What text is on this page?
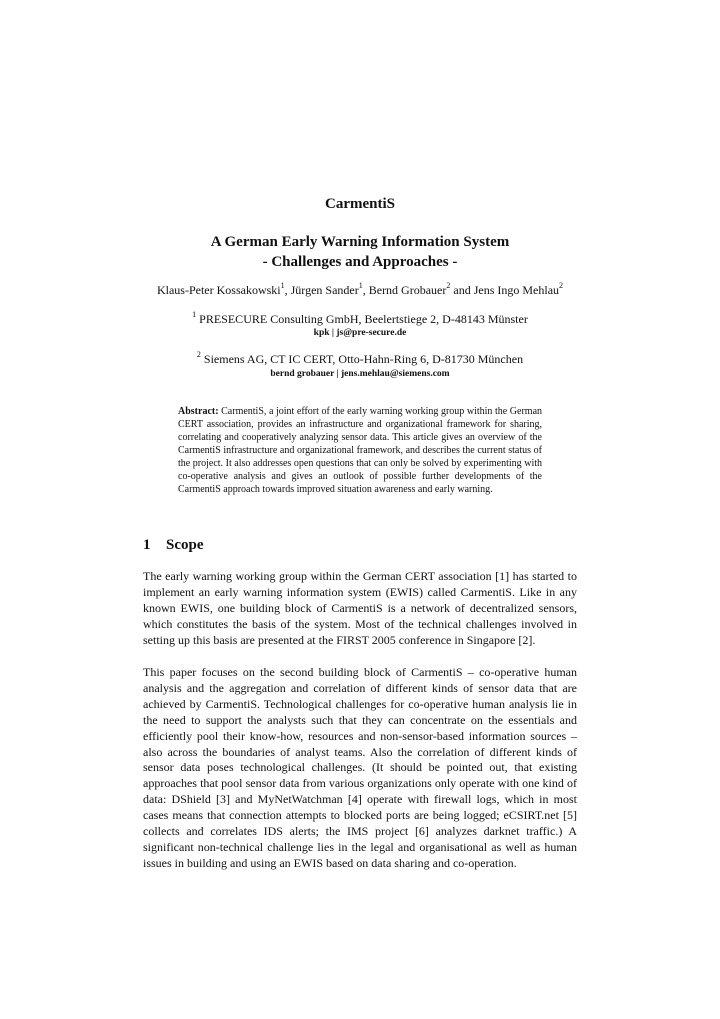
CarmentiS
A German Early Warning Information System
- Challenges and Approaches -
Klaus-Peter Kossakowski$^1$, Jürgen Sander$^1$, Bernd Grobauer$^2$ and Jens Ingo Mehlau$^2$
$^1$ PRESECURE Consulting GmbH, Beelertstiege 2, D-48143 Münster
kpk | js@pre-secure.de
$^2$ Siemens AG, CT IC CERT, Otto-Hahn-Ring 6, D-81730 München
bernd grobauer | jens.mehlau@siemens.com
Abstract: CarmentiS, a joint effort of the early warning working group within the German CERT association, provides an infrastructure and organizational framework for sharing, correlating and cooperatively analyzing sensor data. This article gives an overview of the CarmentiS infrastructure and organizational framework, and describes the current status of the project. It also addresses open questions that can only be solved by experimenting with co-operative analysis and gives an outlook of possible further developments of the CarmentiS approach towards improved situation awareness and early warning.
1 Scope
The early warning working group within the German CERT association [1] has started to implement an early warning information system (EWIS) called CarmentiS. Like in any known EWIS, one building block of CarmentiS is a network of decentralized sensors, which constitutes the basis of the system. Most of the technical challenges involved in setting up this basis are presented at the FIRST 2005 conference in Singapore [2].
This paper focuses on the second building block of CarmentiS – co-operative human analysis and the aggregation and correlation of different kinds of sensor data that are achieved by CarmentiS. Technological challenges for co-operative human analysis lie in the need to support the analysts such that they can concentrate on the essentials and efficiently pool their know-how, resources and non-sensor-based information sources – also across the boundaries of analyst teams. Also the correlation of different kinds of sensor data poses technological challenges. (It should be pointed out, that existing approaches that pool sensor data from various organizations only operate with one kind of data: DShield [3] and MyNetWatchman [4] operate with firewall logs, which in most cases means that connection attempts to blocked ports are being logged; eCSIRT.net [5] collects and correlates IDS alerts; the IMS project [6] analyzes darknet traffic.) A significant non-technical challenge lies in the legal and organisational as well as human issues in building and using an EWIS based on data sharing and co-operation.
